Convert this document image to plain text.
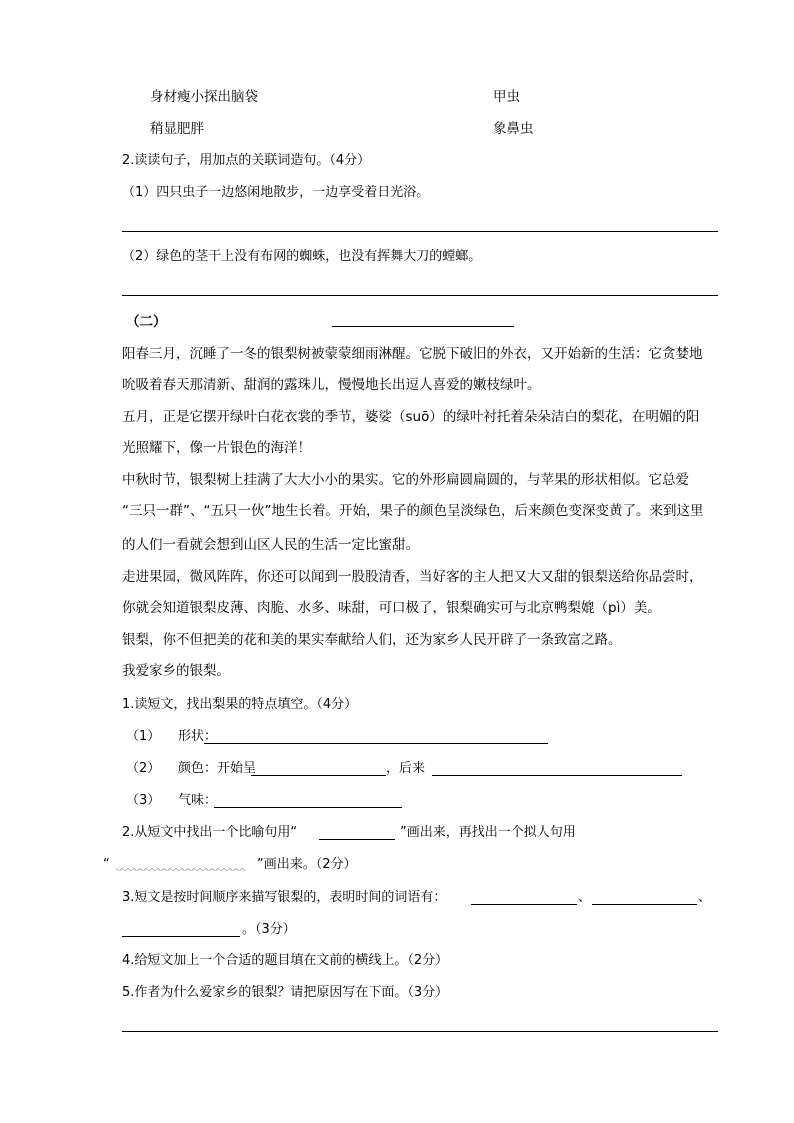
身材瘦小探出脑袋	甲虫
稍显肥胖	象鼻虫
2.读读句子，用加点的关联词造句。（4分）
（1）四只虫子一边悠闲地散步，一边享受着日光浴。
（2）绿色的茎干上没有布网的蜘蛛，也没有挥舞大刀的螳螂。
（二）
阳春三月，沉睡了一冬的银梨树被蒙蒙细雨淋醒。它脱下破旧的外衣，又开始新的生活：它贪婪地
吮吸着春天那清新、甜润的露珠儿，慢慢地长出逗人喜爱的嫩枝绿叶。
五月，正是它摆开绿叶白花衣裳的季节，婆娑（suō）的绿叶衬托着朵朵洁白的梨花，在明媚的阳
光照耀下，像一片银色的海洋！
中秋时节，银梨树上挂满了大大小小的果实。它的外形扁圆扁圆的，与苹果的形状相似。它总爱
“三只一群”、“五只一伙”地生长着。开始，果子的颜色呈淡绿色，后来颜色变深变黄了。来到这里
的人们一看就会想到山区人民的生活一定比蜜甜。
走进果园，微风阵阵，你还可以闻到一股股清香，当好客的主人把又大又甜的银梨送给你品尝时，
你就会知道银梨皮薄、肉脆、水多、味甜，可口极了，银梨确实可与北京鸭梨媲（pì）美。
银梨，你不但把美的花和美的果实奉献给人们，还为家乡人民开辟了一条致富之路。
我爱家乡的银梨。
1.读短文，找出梨果的特点填空。（4分）
（1） 形状：
（2） 颜色：开始呈	，后来
（3） 气味：
2.从短文中找出一个比喻句用“	”画出来，再找出一个拟人句用
“	”画出来。（2分）
3.短文是按时间顺序来描写银梨的，表明时间的词语有：	、	、
。（3分）
4.给短文加上一个合适的题目填在文前的横线上。（2分）
5.作者为什么爱家乡的银梨？请把原因写在下面。（3分）
